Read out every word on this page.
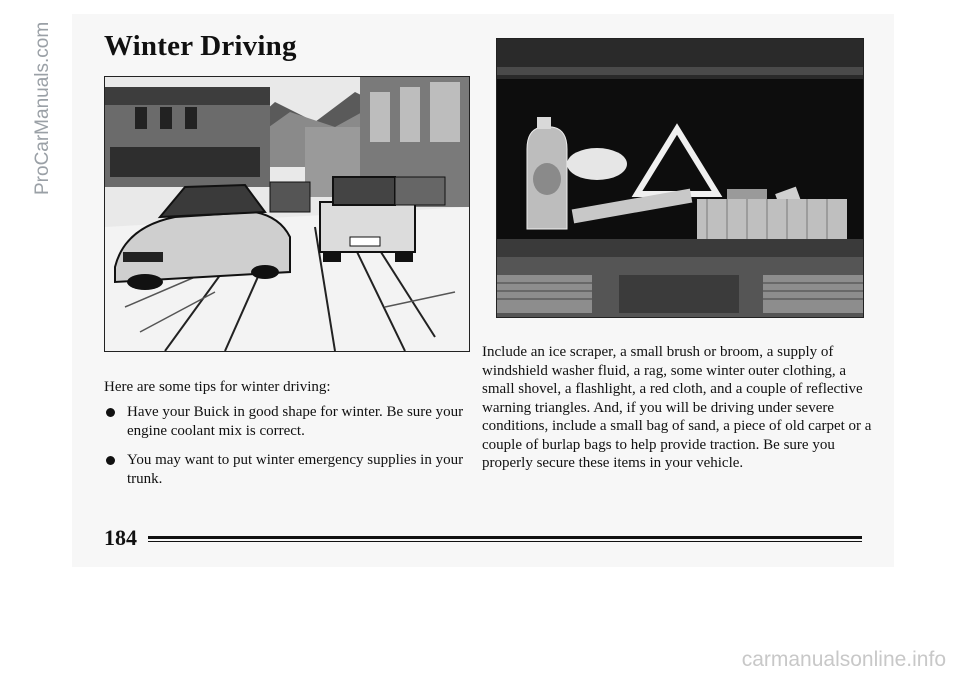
Winter Driving
ProCarManuals.com
Here are some tips for winter driving:
Have your Buick in good shape for winter. Be sure your engine coolant mix is correct.
You may want to put winter emergency supplies in your trunk.
Include an ice scraper, a small brush or broom, a supply of windshield washer fluid, a rag, some winter outer clothing, a small shovel, a flashlight, a red cloth, and a couple of reflective warning triangles. And, if you will be driving under severe conditions, include a small bag of sand, a piece of old carpet or a couple of burlap bags to help provide traction. Be sure you properly secure these items in your vehicle.
184
carmanualsonline.info
